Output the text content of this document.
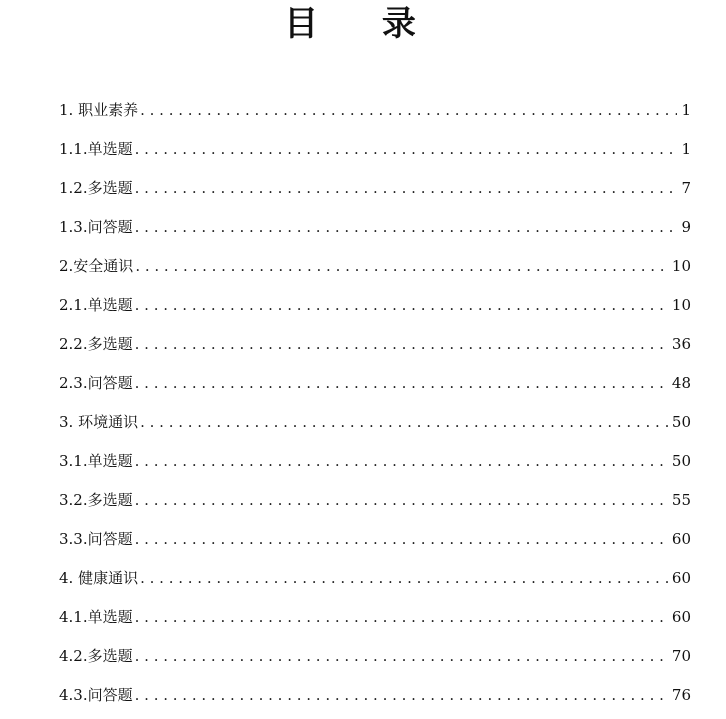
目 录
1. 职业素养 . . .	1
1.1.单选题 . . .	1
1.2.多选题 . . .	7
1.3.问答题 . . .	9
2.安全通识 . . .	10
2.1.单选题 . . .	10
2.2.多选题 . . .	36
2.3.问答题 . . .	48
3. 环境通识 . . .	50
3.1.单选题 . . .	50
3.2.多选题 . . .	55
3.3.问答题 . . .	60
4. 健康通识 . . .	60
4.1.单选题 . . .	60
4.2.多选题 . . .	70
4.3.问答题 . . .	76
